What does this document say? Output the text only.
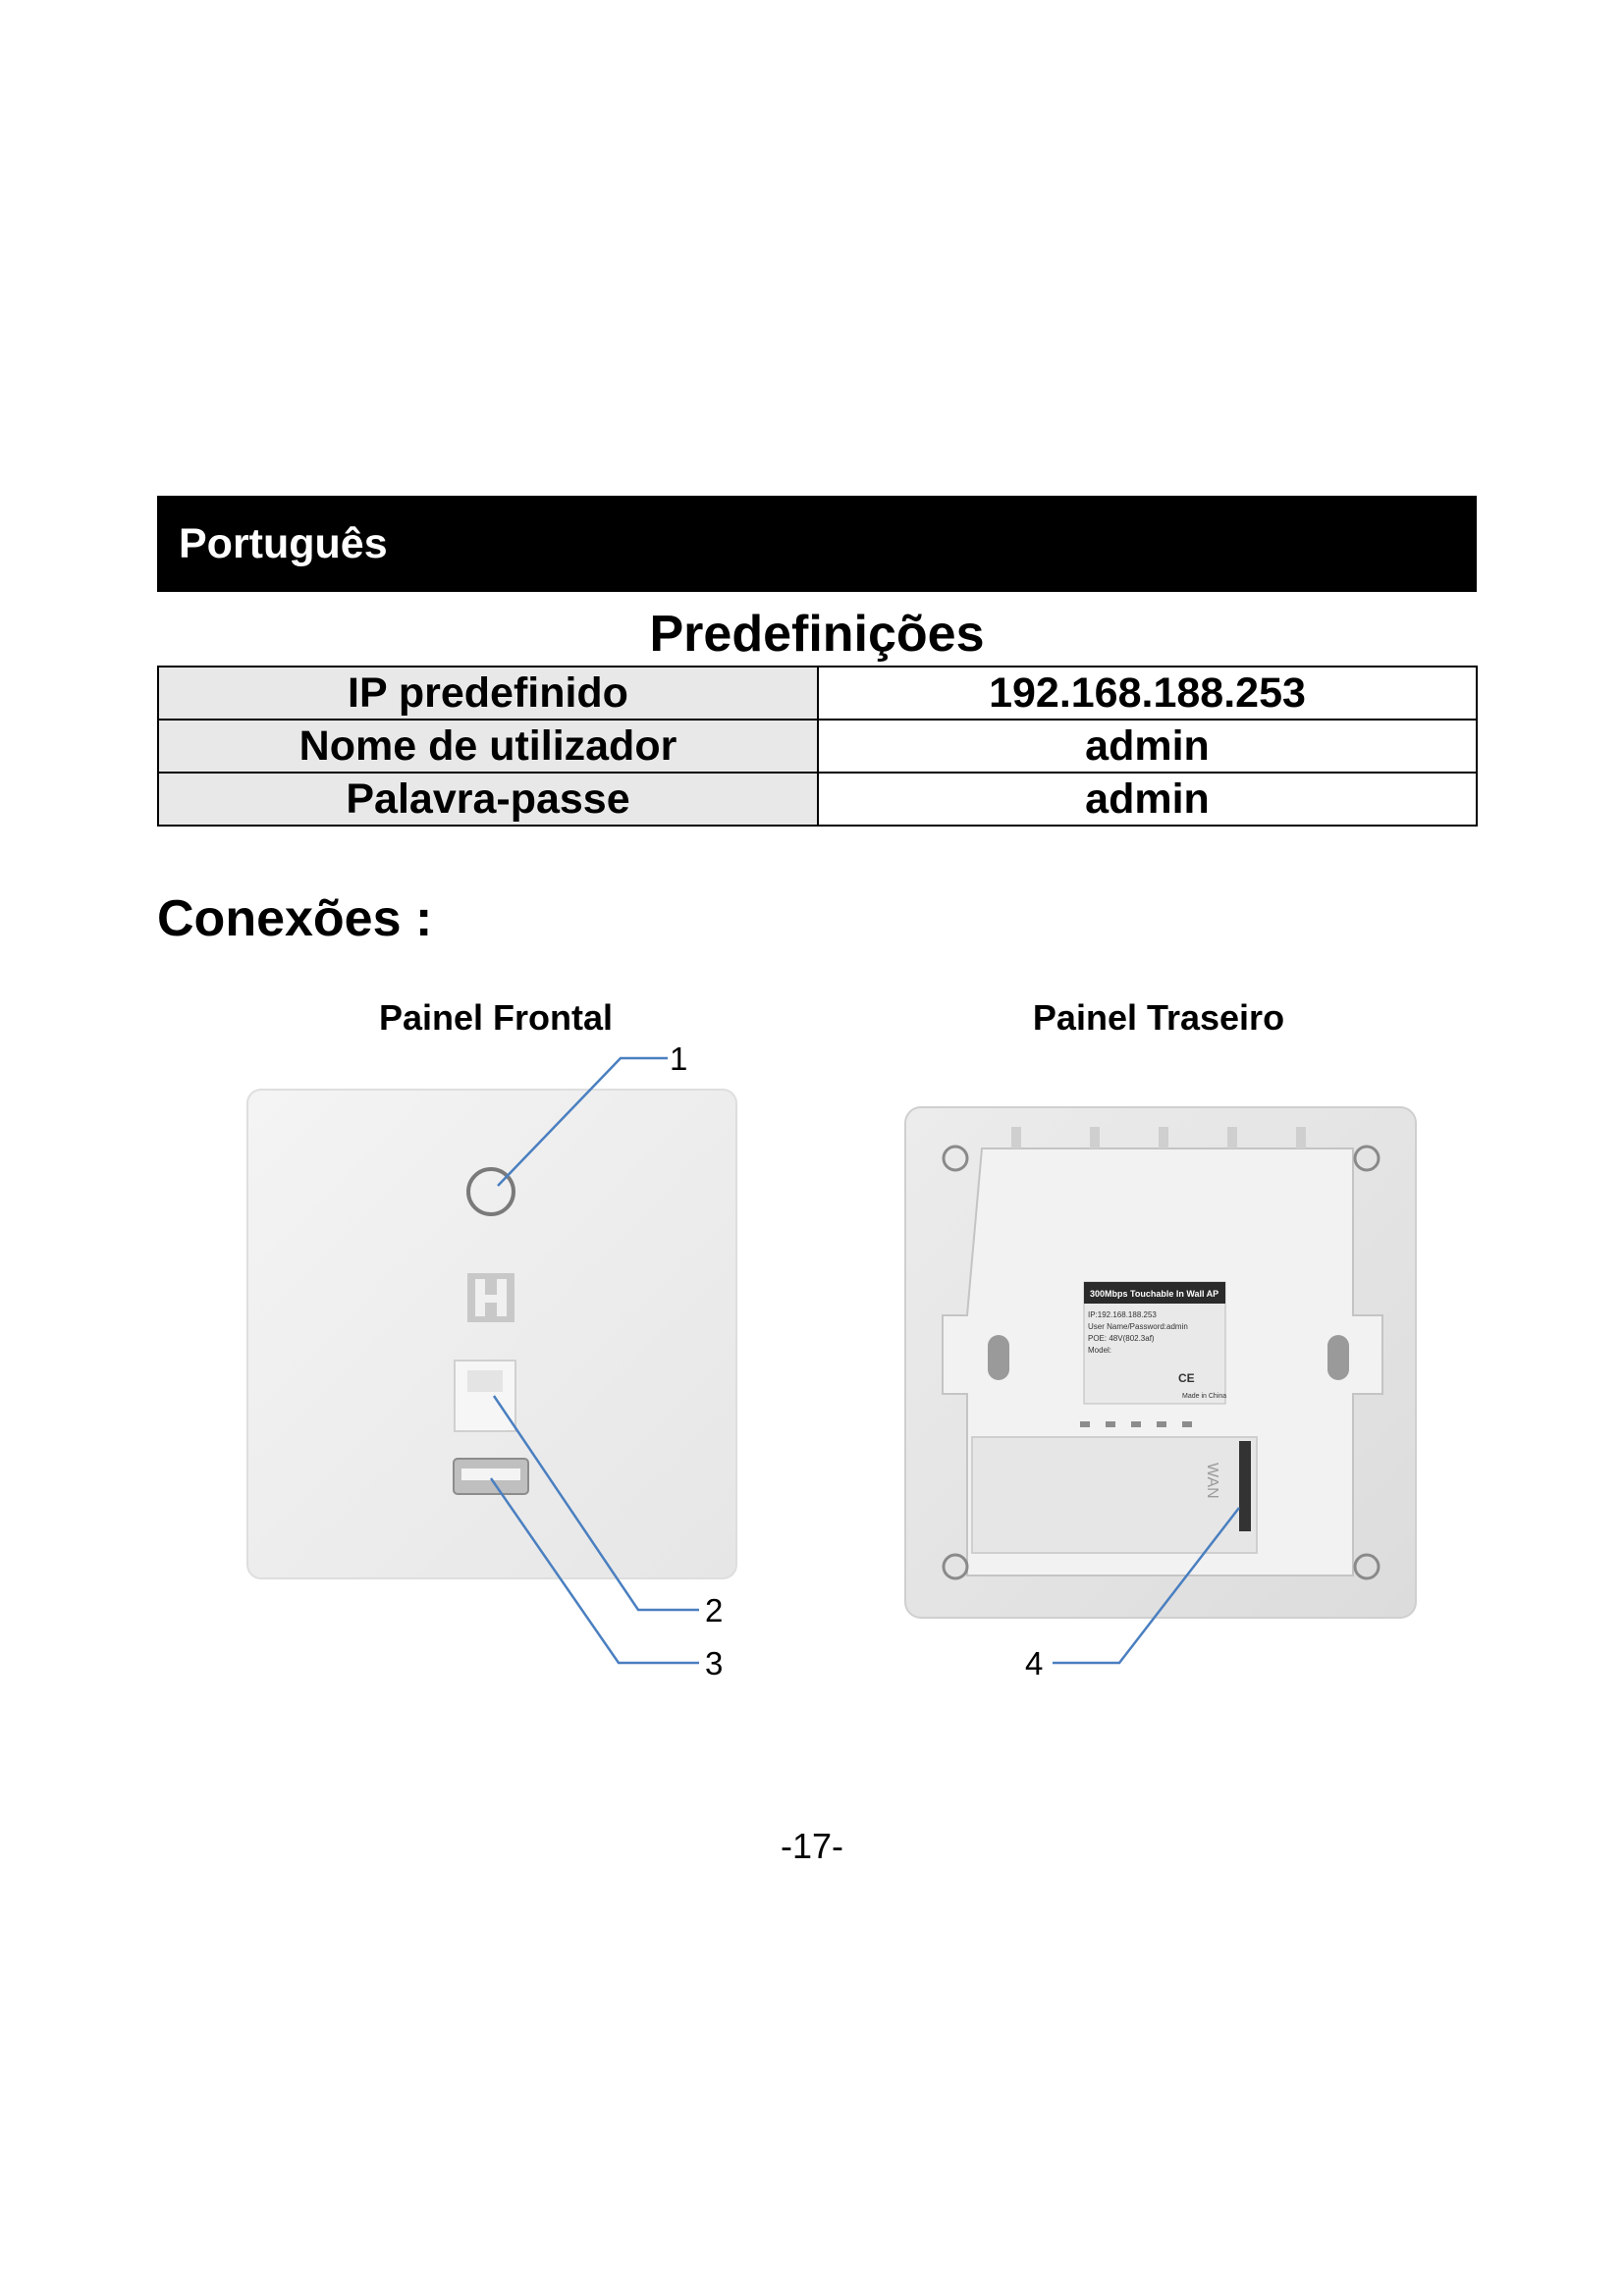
Português
Predefinições
IP predefinido	192.168.188.253
Nome de utilizador	admin
Palavra-passe	admin
Conexões :
Painel Frontal	Painel Traseiro
300Mbps Touchable In Wall AP
IP:192.168.188.253
User Name/Password:admin
POE: 48V(802.3af)
Model:
Made in China
CE
WAN
1
2
3	4
-17-
